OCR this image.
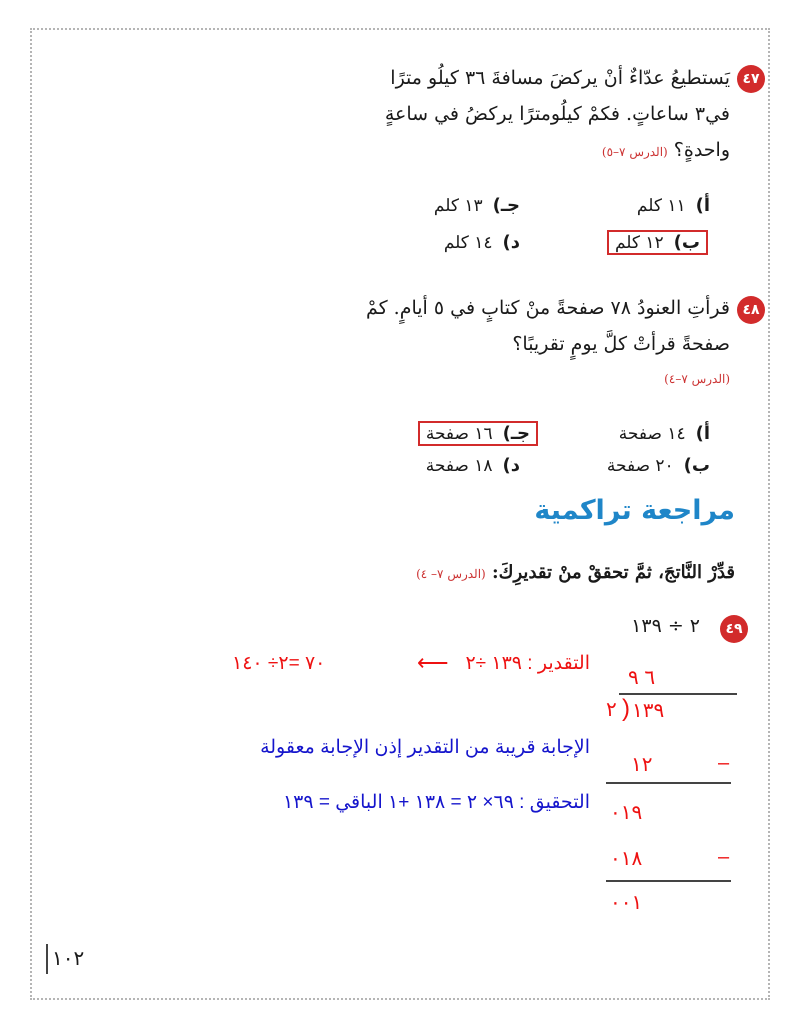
٤٧
يَستطيعُ عدّاءٌ أنْ يركضَ مسافةَ ٣٦ كيلُو مترًا
في٣ ساعاتٍ. فكمْ كيلُومترًا يركضُ في ساعةٍ
واحدةٍ؟ (الدرس ٧–٥)
أ)١١ كلم
جـ)١٣ كلم
ب)١٢ كلم
د)١٤ كلم
٤٨
قرأتِ العنودُ ٧٨ صفحةً منْ كتابٍ في ٥ أيامٍ. كمْ
صفحةً قرأتْ كلَّ يومٍ تقريبًا؟
(الدرس ٧–٤)
أ)١٤ صفحة
جـ)١٦ صفحة
ب)٢٠ صفحة
د)١٨ صفحة
مراجعة تراكمية
قدِّرْ النَّاتجَ، ثمَّ تحققْ منْ تقديرِكَ: (الدرس ٧– ٤)
٤٩
٢ ÷ ١٣٩
التقدير : ١٣٩ ÷٢
⟵
٧٠ =٢÷ ١٤٠
الإجابة قريبة من التقدير إذن الإجابة معقولة
التحقيق : ٦٩× ٢ = ١٣٨ +١ الباقي = ١٣٩
٦ ٩
٢ ) ١٣٩
١٢	–
٠١٩
٠١٨	–
٠٠١
١٠٢
